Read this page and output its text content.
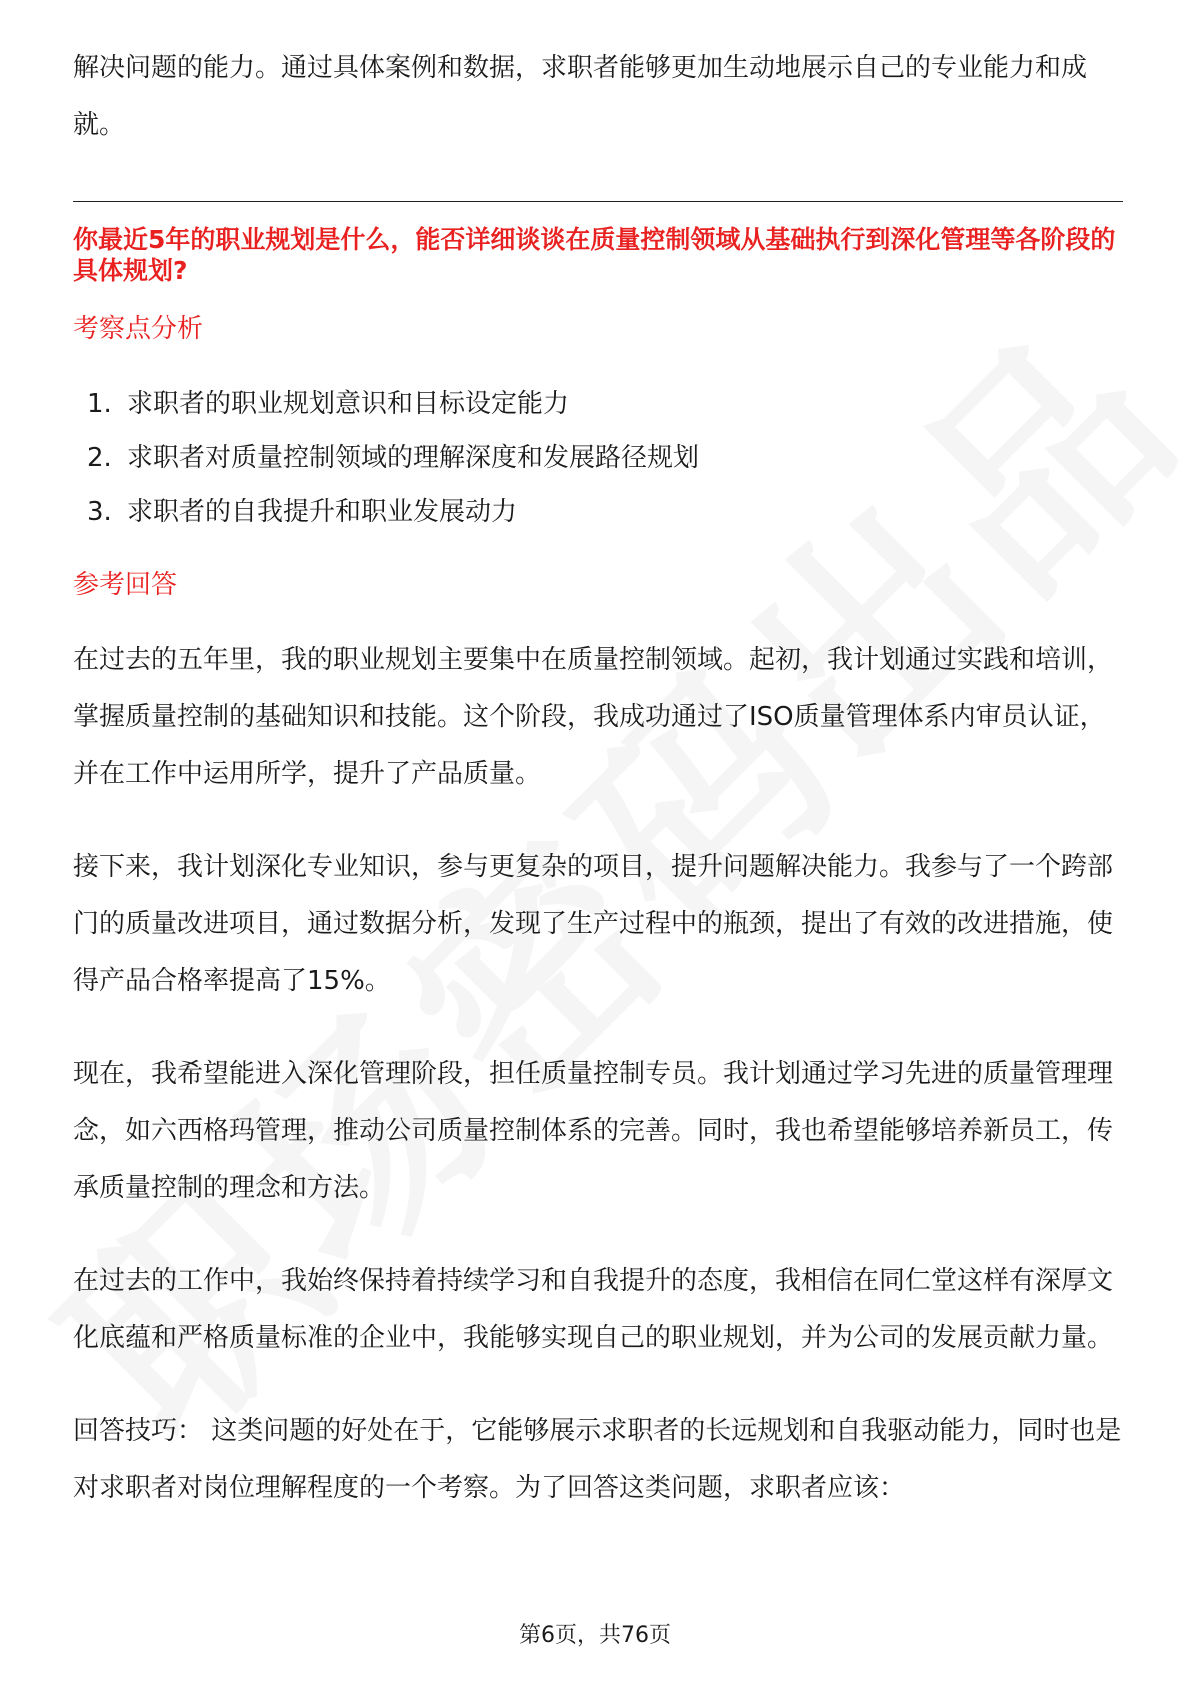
解决问题的能力。通过具体案例和数据，求职者能够更加生动地展示自己的专业能力和成就。

你最近5年的职业规划是什么，能否详细谈谈在质量控制领域从基础执行到深化管理等各阶段的具体规划?

考察点分析

1. 求职者的职业规划意识和目标设定能力
2. 求职者对质量控制领域的理解深度和发展路径规划
3. 求职者的自我提升和职业发展动力

参考回答

在过去的五年里，我的职业规划主要集中在质量控制领域。起初，我计划通过实践和培训，掌握质量控制的基础知识和技能。这个阶段，我成功通过了ISO质量管理体系内审员认证，并在工作中运用所学，提升了产品质量。

接下来，我计划深化专业知识，参与更复杂的项目，提升问题解决能力。我参与了一个跨部门的质量改进项目，通过数据分析，发现了生产过程中的瓶颈，提出了有效的改进措施，使得产品合格率提高了15%。

现在，我希望能进入深化管理阶段，担任质量控制专员。我计划通过学习先进的质量管理理念，如六西格玛管理，推动公司质量控制体系的完善。同时，我也希望能够培养新员工，传承质量控制的理念和方法。

在过去的工作中，我始终保持着持续学习和自我提升的态度，我相信在同仁堂这样有深厚文化底蕴和严格质量标准的企业中，我能够实现自己的职业规划，并为公司的发展贡献力量。

回答技巧： 这类问题的好处在于，它能够展示求职者的长远规划和自我驱动能力，同时也是对求职者对岗位理解程度的一个考察。为了回答这类问题，求职者应该：

第6页，共76页
